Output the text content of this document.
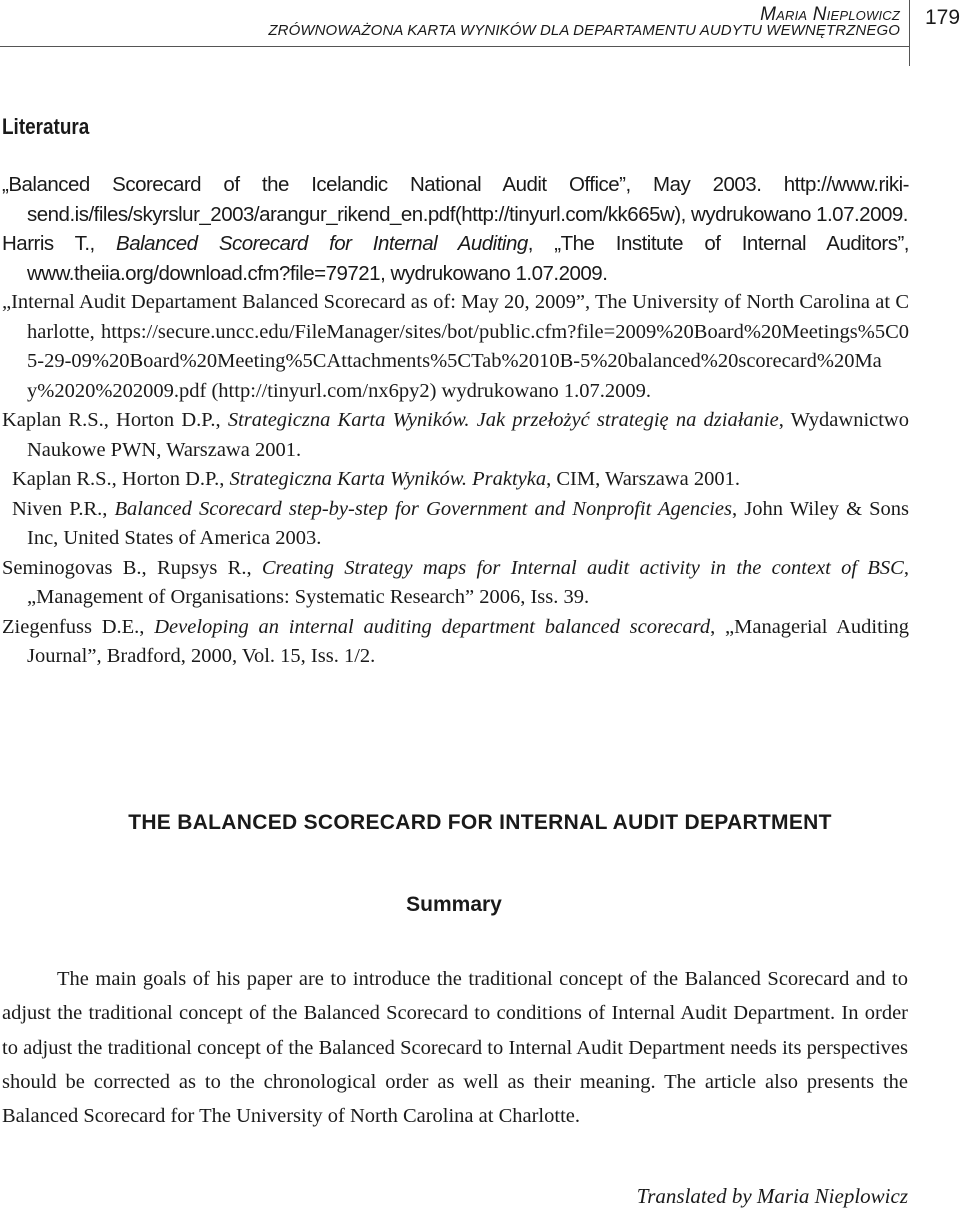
Maria Nieplowicz
ZRÓWNOWAŻONA KARTA WYNIKÓW DLA DEPARTAMENTU AUDYTU WEWNĘTRZNEGO
179
Literatura

„Balanced Scorecard of the Icelandic National Audit Office”, May 2003. http://www.riki-send.is/files/skyrslur_2003/arangur_rikend_en.pdf(http://tinyurl.com/kk665w), wydrukowano 1.07.2009.

Harris T., Balanced Scorecard for Internal Auditing, „The Institute of Internal Auditors”, www.theiia.org/download.cfm?file=79721, wydrukowano 1.07.2009.

„Internal Audit Departament Balanced Scorecard as of: May 20, 2009”, The University of North Carolina at Charlotte, https://secure.uncc.edu/FileManager/sites/bot/public.cfm?file=2009%20Board%20Meetings%5C05-29-09%20Board%20Meeting%5CAttachments%5CTab%2010B-5%20balanced%20scorecard%20May%2020%202009.pdf (http://tinyurl.com/nx6py2) wydrukowano 1.07.2009.

Kaplan R.S., Horton D.P., Strategiczna Karta Wyników. Jak przełożyć strategię na działanie, Wydawnictwo Naukowe PWN, Warszawa 2001.

Kaplan R.S., Horton D.P., Strategiczna Karta Wyników. Praktyka, CIM, Warszawa 2001.

Niven P.R., Balanced Scorecard step-by-step for Government and Nonprofit Agencies, John Wiley & Sons Inc, United States of America 2003.

Seminogovas B., Rupsys R., Creating Strategy maps for Internal audit activity in the context of BSC, „Management of Organisations: Systematic Research” 2006, Iss. 39.

Ziegenfuss D.E., Developing an internal auditing department balanced scorecard, „Managerial Auditing Journal”, Bradford, 2000, Vol. 15, Iss. 1/2.

THE BALANCED SCORECARD FOR INTERNAL AUDIT DEPARTMENT
Summary

The main goals of his paper are to introduce the traditional concept of the Balanced Scorecard and to adjust the traditional concept of the Balanced Scorecard to conditions of Internal Audit Department. In order to adjust the traditional concept of the Balanced Scorecard to Internal Audit Department needs its perspectives should be corrected as to the chronological order as well as their meaning. The article also presents the Balanced Scorecard for The University of North Carolina at Charlotte.

Translated by Maria Nieplowicz
